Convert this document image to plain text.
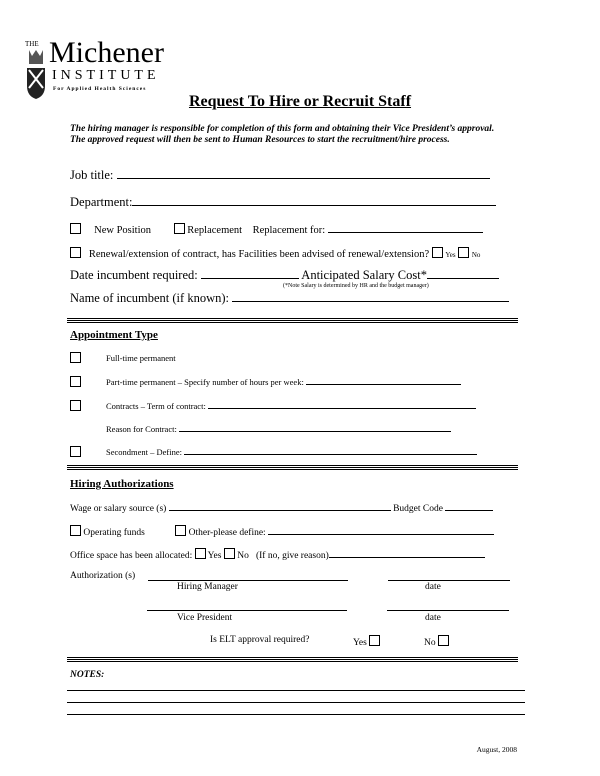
THE Michener
INSTITUTE
For Applied Health Sciences
Request To Hire or Recruit Staff
The hiring manager is responsible for completion of this form and obtaining their Vice President’s approval.
The approved request will then be sent to Human Resources to start the recruitment/hire process.
Job title:
Department:
New Position	Replacement Replacement for:
Renewal/extension of contract, has Facilities been advised of renewal/extension? Yes No
Date incumbent required:	Anticipated Salary Cost*
(*Note Salary is determined by HR and the budget manager)
Name of incumbent (if known):
Appointment Type
Full-time permanent
Part-time permanent – Specify number of hours per week:
Contracts – Term of contract:
Reason for Contract:
Secondment – Define:
Hiring Authorizations
Wage or salary source (s)	Budget Code
Operating funds	Other-please define:
Office space has been allocated: Yes No (If no, give reason)
Authorization (s)
Hiring Manager	date
Vice President	date
Is ELT approval required?	Yes	No
NOTES:
August, 2008
